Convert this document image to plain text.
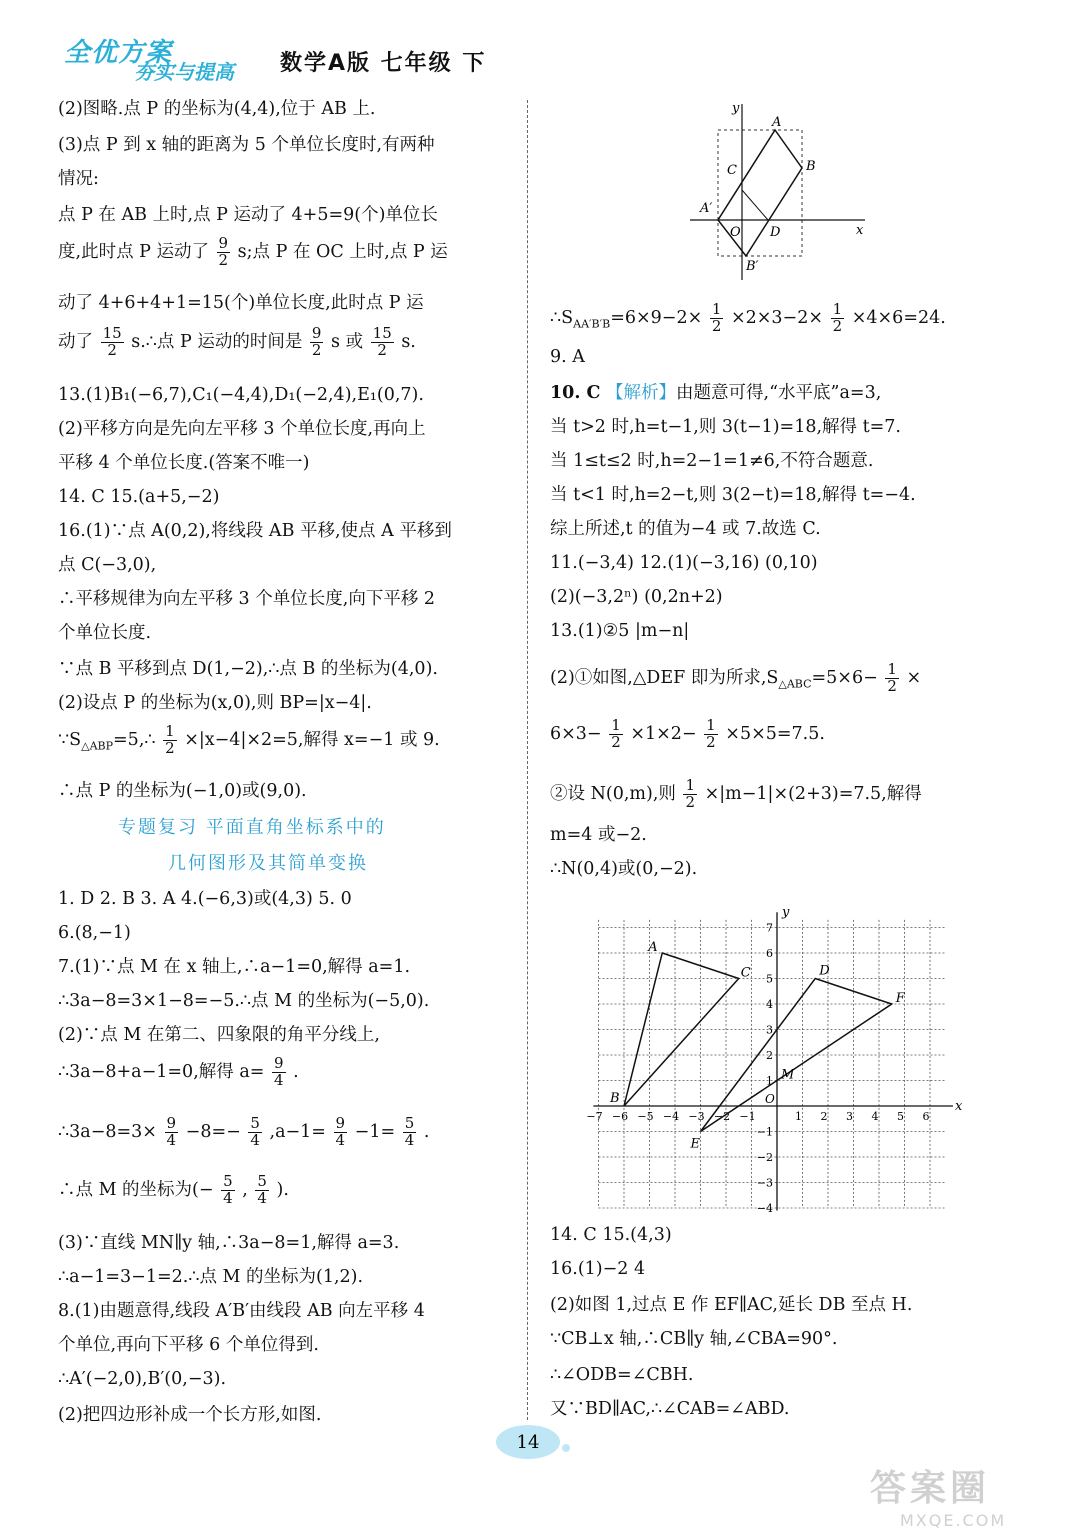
全优方案
夯实与提高 数学A版 七年级 下
(2)图略.点 P 的坐标为(4,4),位于 AB 上.
(3)点 P 到 x 轴的距离为 5 个单位长度时,有两种
情况:
点 P 在 AB 上时,点 P 运动了 4+5=9(个)单位长
度,此时点 P 运动了 $\frac{9}{2} s$;点 P 在 OC 上时,点 P 运
动了 4+6+4+1=15(个)单位长度,此时点 P 运
动了 $\frac{15}{2}$ s.∴点 P 运动的时间是 $\frac{9}{2}$ s 或 $\frac{15}{2} s$.
13.(1)B₁(−6,7),C₁(−4,4),D₁(−2,4),E₁(0,7).
(2)平移方向是先向左平移 3 个单位长度,再向上
平移 4 个单位长度.(答案不唯一)
14. C 15.(a+5,−2)
16.(1)∵点 A(0,2),将线段 AB 平移,使点 A 平移到
点 C(−3,0),
∴平移规律为向左平移 3 个单位长度,向下平移 2
个单位长度.
∵点 B 平移到点 D(1,−2),∴点 B 的坐标为(4,0).
(2)设点 P 的坐标为(x,0),则 BP=|x−4|.
$\because S_{\triangle ABP}=5,\therefore \frac{1}{2} \times|x-4|\times 2=5$,解得 x=−1 或 9.
∴点 P 的坐标为(−1,0)或(9,0).
专题复习 平面直角坐标系中的
几何图形及其简单变换
1. D 2. B 3. A 4.(−6,3)或(4,3) 5. 0
6.(8,−1)
7.(1)∵点 M 在 x 轴上,∴a−1=0,解得 a=1.
∴3a−8=3×1−8=−5.∴点 M 的坐标为(−5,0).
(2)∵点 M 在第二、四象限的角平分线上,
∴3a−8+a−1=0,解得 $a= \frac{9}{4}$ .
∴3a−8=3× $\frac{9}{4} -8=- \frac{5}{4} ,a-1= \frac{9}{4} -1= \frac{5}{4}$ .
∴点 M 的坐标为(− $\frac{5}{4}$ , $\frac{5}{4}$ ).
(3)∵直线 MN∥y 轴,∴3a−8=1,解得 a=3.
∴a−1=3−1=2.∴点 M 的坐标为(1,2).
8.(1)由题意得,线段 A′B′由线段 AB 向左平移 4
个单位,再向下平移 6 个单位得到.
∴A′(−2,0),B′(0,−3).
(2)把四边形补成一个长方形,如图.
A
B
C
A′
O D
B′
x
y
$\therefore S_{AA'B'B}=6\times 9-2\times \frac{1}{2} \times 2\times 3-2\times \frac{1}{2} \times 4\times 6=24$.
9. A
10. C 【解析】由题意可得,“水平底”a=3,
当 t>2 时,h=t−1,则 3(t−1)=18,解得 t=7.
当 1≤t≤2 时,h=2−1=1≠6,不符合题意.
当 t<1 时,h=2−t,则 3(2−t)=18,解得 t=−4.
综上所述,t 的值为−4 或 7.故选 C.
11.(−3,4) 12.(1)(−3,16) (0,10)
(2)(−3,2ⁿ) (0,2n+2)
13.(1)②5 |m−n|
(2)①如图,△DEF 即为所求$,S_{\triangle ABC}=5\times 6- \frac{1}{2}$ ×
$6\times 3- \frac{1}{2} \times 1\times 2- \frac{1}{2} \times 5\times 5=7.5$.
②设 N(0,m),则 $\frac{1}{2} \times|m-1|\times(2+3)=7.5$,解得
m=4 或−2.
∴N(0,4)或(0,−2).
−7 −6 −5 −4 −3 −2 −1	1 2 3 4 5 6
7
6
5
4
3
2
1
−1
−2
−3
−4
A
B
C	D
E
F
M
O	x
y
14. C 15.(4,3)
16.(1)−2 4
(2)如图 1,过点 E 作 EF∥AC,延长 DB 至点 H.
∵CB⊥x 轴,∴CB∥y 轴,∠CBA=90°.
∴∠ODB=∠CBH.
又∵BD∥AC,∴∠CAB=∠ABD.
14
答案圈
MXQE.COM
